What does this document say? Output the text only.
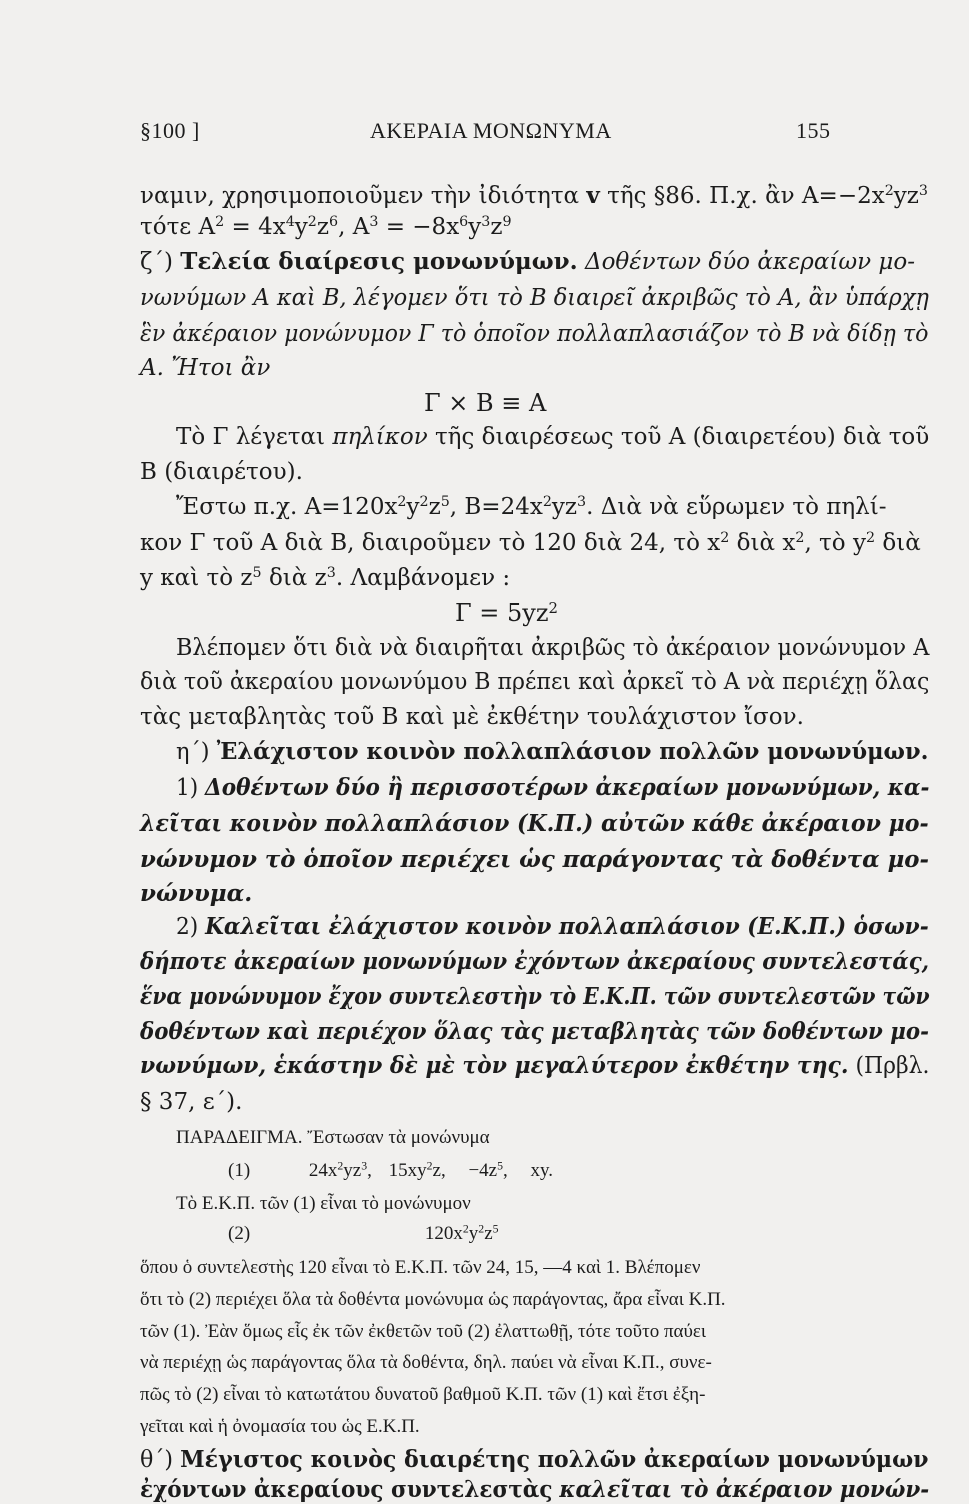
§100 ]	ΑΚΕΡΑΙΑ ΜΟΝΩΝΥΜΑ	155
ναμιν, χρησιμοποιοῦμεν τὴν ἰδιότητα v τῆς §86. Π.χ. ἂν $A=-2x^2yz^3$
τότε $A^2 = 4x^4y^2z^6$, $A^3 = -8x^6y^3z^9$
ζ΄) Τελεία διαίρεσις μονωνύμων. Δοθέντων δύο ἀκεραίων μο-
νωνύμων Α καὶ Β, λέγομεν ὅτι τὸ Β διαιρεῖ ἀκριβῶς τὸ Α, ἂν ὑπάρχῃ
ἓν ἀκέραιον μονώνυμον Γ τὸ ὁποῖον πολλαπλασιάζον τὸ Β νὰ δίδῃ τὸ
Α. Ἤτοι ἂν
Γ × Β ≡ Α
Τὸ Γ λέγεται πηλίκον τῆς διαιρέσεως τοῦ Α (διαιρετέου) διὰ τοῦ
Β (διαιρέτου).
Ἔστω π.χ. $A=120x^2y^2z^5$, $B=24x^2yz^3$. Διὰ νὰ εὕρωμεν τὸ πηλί-
κον Γ τοῦ Α διὰ Β, διαιροῦμεν τὸ 120 διὰ 24, τὸ $x^2$ διὰ $x^2$, τὸ $y^2$ διὰ
y καὶ τὸ $z^5$ διὰ $z^3$. Λαμβάνομεν :
$\Gamma = 5yz^2$
Βλέπομεν ὅτι διὰ νὰ διαιρῆται ἀκριβῶς τὸ ἀκέραιον μονώνυμον Α
διὰ τοῦ ἀκεραίου μονωνύμου Β πρέπει καὶ ἀρκεῖ τὸ Α νὰ περιέχῃ ὅλας
τὰς μεταβλητὰς τοῦ Β καὶ μὲ ἐκθέτην τουλάχιστον ἴσον.
η΄) Ἐλάχιστον κοινὸν πολλαπλάσιον πολλῶν μονωνύμων.
1) Δοθέντων δύο ἢ περισσοτέρων ἀκεραίων μονωνύμων, κα-
λεῖται κοινὸν πολλαπλάσιον (Κ.Π.) αὐτῶν κάθε ἀκέραιον μο-
νώνυμον τὸ ὁποῖον περιέχει ὡς παράγοντας τὰ δοθέντα μο-
νώνυμα.
2) Καλεῖται ἐλάχιστον κοινὸν πολλαπλάσιον (Ε.Κ.Π.) ὁσων-
δήποτε ἀκεραίων μονωνύμων ἐχόντων ἀκεραίους συντελεστάς,
ἕνα μονώνυμον ἔχον συντελεστὴν τὸ Ε.Κ.Π. τῶν συντελεστῶν τῶν
δοθέντων καὶ περιέχον ὅλας τὰς μεταβλητὰς τῶν δοθέντων μο-
νωνύμων, ἑκάστην δὲ μὲ τὸν μεγαλύτερον ἐκθέτην της. (Πρβλ.
§ 37, ε΄).
ΠΑΡΑΔΕΙΓΜΑ. Ἔστωσαν τὰ μονώνυμα
(1)	$24x^2yz^3$, $15xy^2z$, $-4z^5$, xy.
Τὸ Ε.Κ.Π. τῶν (1) εἶναι τὸ μονώνυμον
(2)	$120x^2y^2z^5$
ὅπου ὁ συντελεστὴς 120 εἶναι τὸ Ε.Κ.Π. τῶν 24, 15, —4 καὶ 1. Βλέπομεν
ὅτι τὸ (2) περιέχει ὅλα τὰ δοθέντα μονώνυμα ὡς παράγοντας, ἄρα εἶναι Κ.Π.
τῶν (1). Ἐὰν ὅμως εἷς ἐκ τῶν ἐκθετῶν τοῦ (2) ἐλαττωθῇ, τότε τοῦτο παύει
νὰ περιέχῃ ὡς παράγοντας ὅλα τὰ δοθέντα, δηλ. παύει νὰ εἶναι Κ.Π., συνε-
πῶς τὸ (2) εἶναι τὸ κατωτάτου δυνατοῦ βαθμοῦ Κ.Π. τῶν (1) καὶ ἔτσι ἐξη-
γεῖται καὶ ἡ ὀνομασία του ὡς Ε.Κ.Π.
θ΄) Μέγιστος κοινὸς διαιρέτης πολλῶν ἀκεραίων μονωνύμων
ἐχόντων ἀκεραίους συντελεστὰς καλεῖται τὸ ἀκέραιον μονών-
